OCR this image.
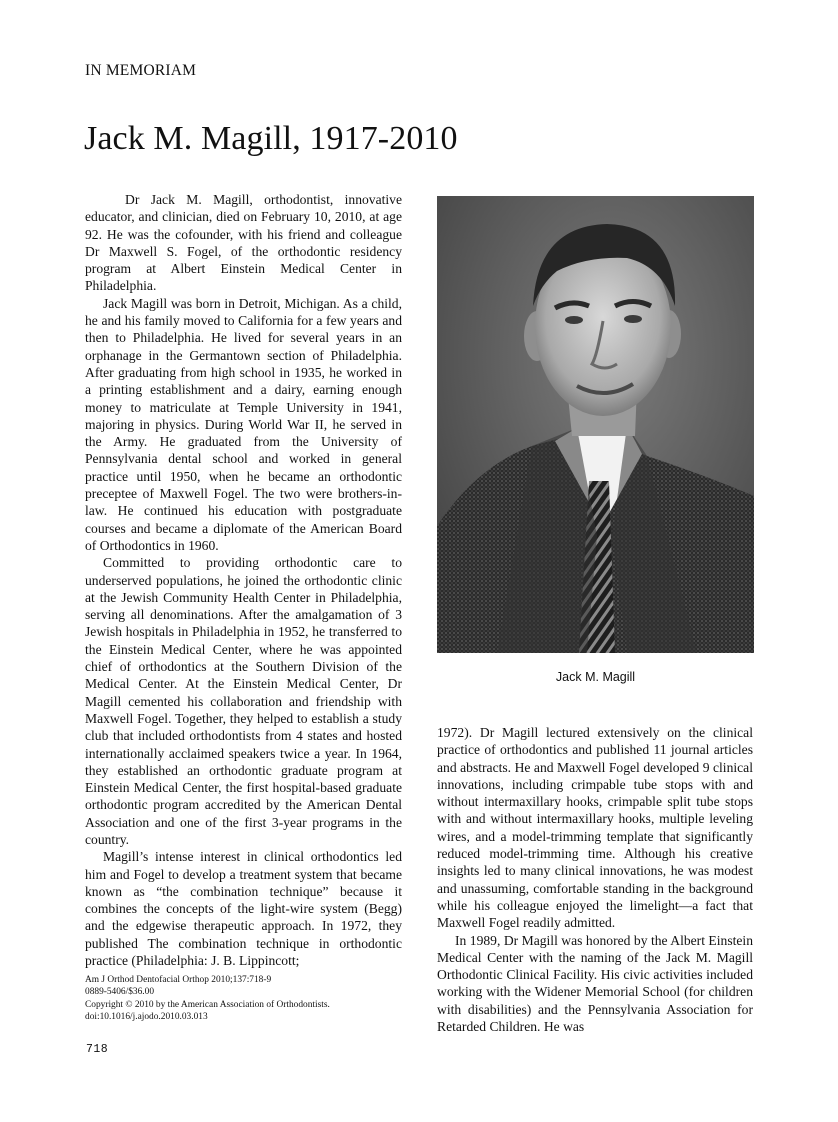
IN MEMORIAM
Jack M. Magill, 1917-2010

Dr Jack M. Magill, orthodontist, innovative educator, and clinician, died on February 10, 2010, at age 92. He was the cofounder, with his friend and colleague Dr Maxwell S. Fogel, of the orthodontic residency program at Albert Einstein Medical Center in Philadelphia.

Jack Magill was born in Detroit, Michigan. As a child, he and his family moved to California for a few years and then to Philadelphia. He lived for several years in an orphanage in the Germantown section of Philadelphia. After graduating from high school in 1935, he worked in a printing establishment and a dairy, earning enough money to matriculate at Temple University in 1941, majoring in physics. During World War II, he served in the Army. He graduated from the University of Pennsylvania dental school and worked in general practice until 1950, when he became an orthodontic preceptee of Maxwell Fogel. The two were brothers-in-law. He continued his education with postgraduate courses and became a diplomate of the American Board of Orthodontics in 1960.

Committed to providing orthodontic care to underserved populations, he joined the orthodontic clinic at the Jewish Community Health Center in Philadelphia, serving all denominations. After the amalgamation of 3 Jewish hospitals in Philadelphia in 1952, he transferred to the Einstein Medical Center, where he was appointed chief of orthodontics at the Southern Division of the Medical Center. At the Einstein Medical Center, Dr Magill cemented his collaboration and friendship with Maxwell Fogel. Together, they helped to establish a study club that included orthodontists from 4 states and hosted internationally acclaimed speakers twice a year. In 1964, they established an orthodontic graduate program at Einstein Medical Center, the first hospital-based graduate orthodontic program accredited by the American Dental Association and one of the first 3-year programs in the country.

Magill’s intense interest in clinical orthodontics led him and Fogel to develop a treatment system that became known as “the combination technique” because it combines the concepts of the light-wire system (Begg) and the edgewise therapeutic approach. In 1972, they published The combination technique in orthodontic practice (Philadelphia: J. B. Lippincott;

Jack M. Magill

1972). Dr Magill lectured extensively on the clinical practice of orthodontics and published 11 journal articles and abstracts. He and Maxwell Fogel developed 9 clinical innovations, including crimpable tube stops with and without intermaxillary hooks, crimpable split tube stops with and without intermaxillary hooks, multiple leveling wires, and a model-trimming template that significantly reduced model-trimming time. Although his creative insights led to many clinical innovations, he was modest and unassuming, comfortable standing in the background while his colleague enjoyed the limelight—a fact that Maxwell Fogel readily admitted.

In 1989, Dr Magill was honored by the Albert Einstein Medical Center with the naming of the Jack M. Magill Orthodontic Clinical Facility. His civic activities included working with the Widener Memorial School (for children with disabilities) and the Pennsylvania Association for Retarded Children. He was

Am J Orthod Dentofacial Orthop 2010;137:718-9
0889-5406/$36.00
Copyright © 2010 by the American Association of Orthodontists.
doi:10.1016/j.ajodo.2010.03.013
718
